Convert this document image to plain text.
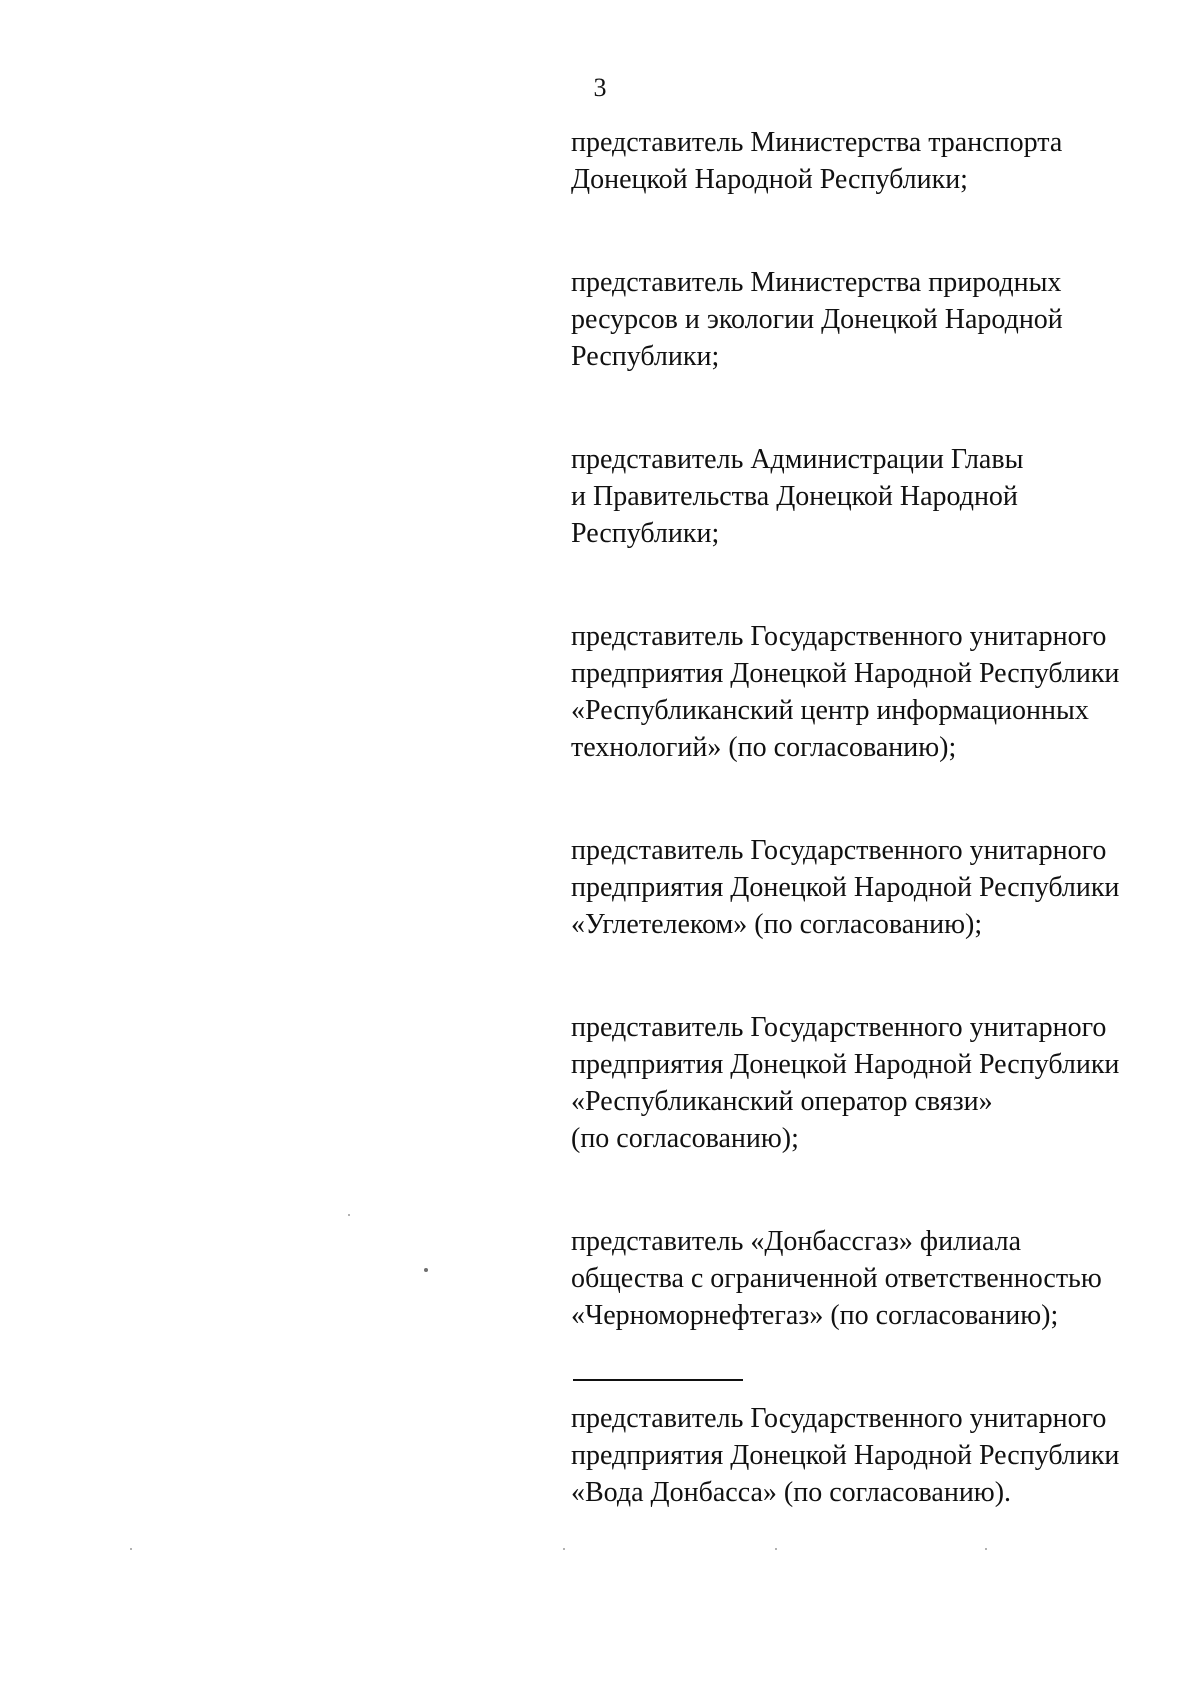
3

представитель Министерства транспорта
Донецкой Народной Республики;

представитель Министерства природных
ресурсов и экологии Донецкой Народной
Республики;

представитель Администрации Главы
и Правительства Донецкой Народной
Республики;

представитель Государственного унитарного
предприятия Донецкой Народной Республики
«Республиканский центр информационных
технологий» (по согласованию);

представитель Государственного унитарного
предприятия Донецкой Народной Республики
«Углетелеком» (по согласованию);

представитель Государственного унитарного
предприятия Донецкой Народной Республики
«Республиканский оператор связи»
(по согласованию);

представитель «Донбассгаз» филиала
общества с ограниченной ответственностью
«Черноморнефтегаз» (по согласованию);

представитель Государственного унитарного
предприятия Донецкой Народной Республики
«Вода Донбасса» (по согласованию).
